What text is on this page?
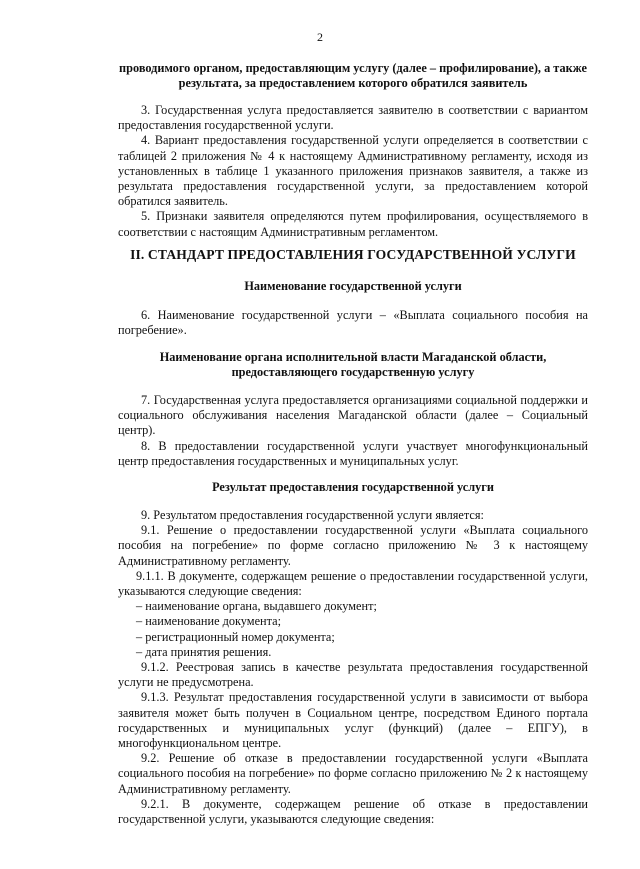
2
проводимого органом, предоставляющим услугу (далее – профилирование), а также результата, за предоставлением которого обратился заявитель

3. Государственная услуга предоставляется заявителю в соответствии с вариантом предоставления государственной услуги.

4. Вариант предоставления государственной услуги определяется в соответствии с таблицей 2 приложения № 4 к настоящему Административному регламенту, исходя из установленных в таблице 1 указанного приложения признаков заявителя, а также из результата предоставления государственной услуги, за предоставлением которой обратился заявитель.

5. Признаки заявителя определяются путем профилирования, осуществляемого в соответствии с настоящим Административным регламентом.

II. СТАНДАРТ ПРЕДОСТАВЛЕНИЯ ГОСУДАРСТВЕННОЙ УСЛУГИ
Наименование государственной услуги

6. Наименование государственной услуги – «Выплата социального пособия на погребение».

Наименование органа исполнительной власти Магаданской области,
предоставляющего государственную услугу

7. Государственная услуга предоставляется организациями социальной поддержки и социального обслуживания населения Магаданской области (далее – Социальный центр).

8. В предоставлении государственной услуги участвует многофункциональный центр предоставления государственных и муниципальных услуг.

Результат предоставления государственной услуги

9. Результатом предоставления государственной услуги является:

9.1. Решение о предоставлении государственной услуги «Выплата социального пособия на погребение» по форме согласно приложению № 3 к настоящему Административному регламенту.

9.1.1. В документе, содержащем решение о предоставлении государственной услуги, указываются следующие сведения:

– наименование органа, выдавшего документ;

– наименование документа;

– регистрационный номер документа;

– дата принятия решения.

9.1.2. Реестровая запись в качестве результата предоставления государственной услуги не предусмотрена.

9.1.3. Результат предоставления государственной услуги в зависимости от выбора заявителя может быть получен в Социальном центре, посредством Единого портала государственных и муниципальных услуг (функций) (далее – ЕПГУ), в многофункциональном центре.

9.2. Решение об отказе в предоставлении государственной услуги «Выплата социального пособия на погребение» по форме согласно приложению № 2 к настоящему Административному регламенту.

9.2.1. В документе, содержащем решение об отказе в предоставлении государственной услуги, указываются следующие сведения:
